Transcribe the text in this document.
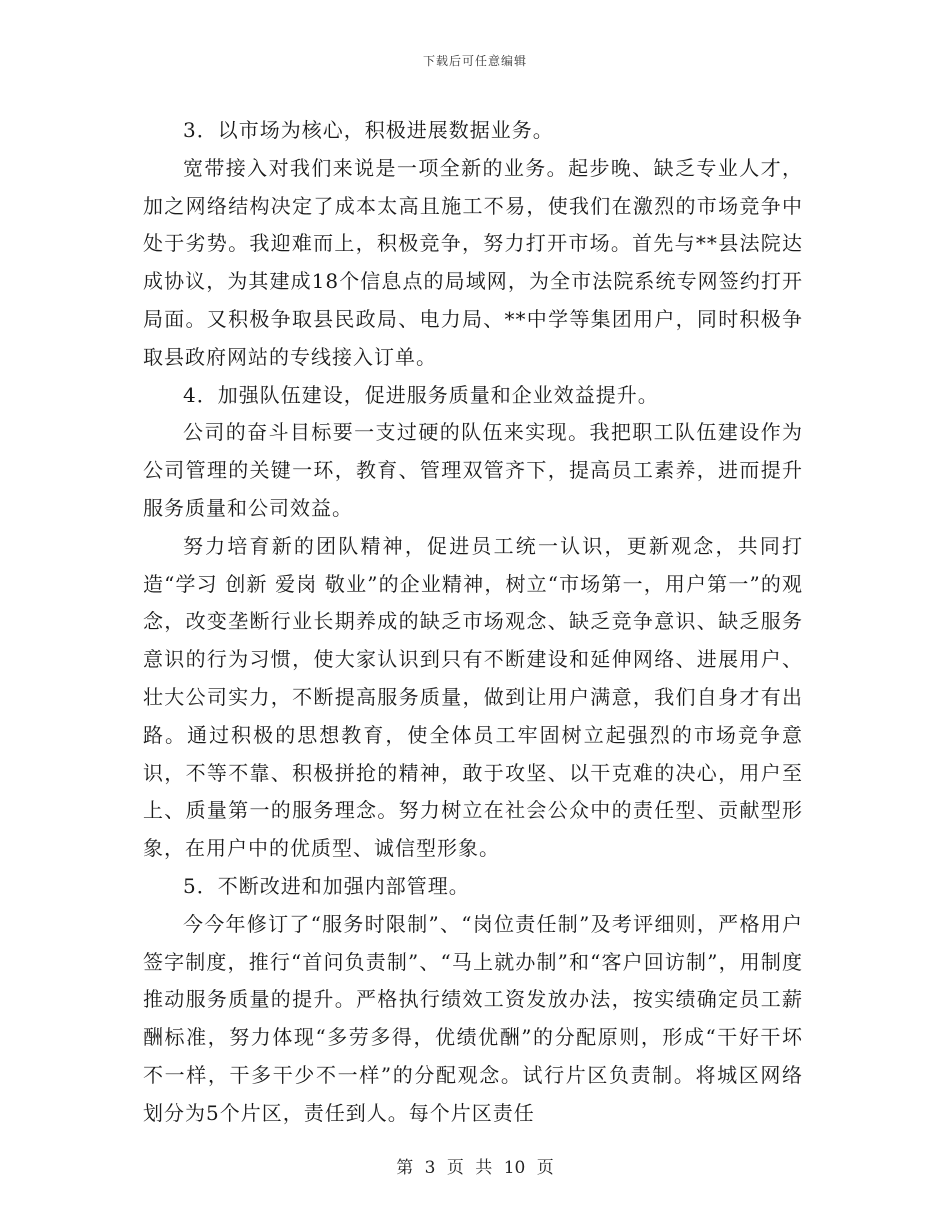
下载后可任意编辑

3．以市场为核心，积极进展数据业务。

宽带接入对我们来说是一项全新的业务。起步晚、缺乏专业人才，加之网络结构决定了成本太高且施工不易，使我们在激烈的市场竞争中处于劣势。我迎难而上，积极竞争，努力打开市场。首先与**县法院达成协议，为其建成18个信息点的局域网，为全市法院系统专网签约打开局面。又积极争取县民政局、电力局、**中学等集团用户，同时积极争取县政府网站的专线接入订单。

4．加强队伍建设，促进服务质量和企业效益提升。

公司的奋斗目标要一支过硬的队伍来实现。我把职工队伍建设作为公司管理的关键一环，教育、管理双管齐下，提高员工素养，进而提升服务质量和公司效益。

努力培育新的团队精神，促进员工统一认识，更新观念，共同打造“学习 创新 爱岗 敬业”的企业精神，树立“市场第一，用户第一”的观念，改变垄断行业长期养成的缺乏市场观念、缺乏竞争意识、缺乏服务意识的行为习惯，使大家认识到只有不断建设和延伸网络、进展用户、壮大公司实力，不断提高服务质量，做到让用户满意，我们自身才有出路。通过积极的思想教育，使全体员工牢固树立起强烈的市场竞争意识，不等不靠、积极拼抢的精神，敢于攻坚、以干克难的决心，用户至上、质量第一的服务理念。努力树立在社会公众中的责任型、贡献型形象，在用户中的优质型、诚信型形象。

5．不断改进和加强内部管理。

今今年修订了“服务时限制”、“岗位责任制”及考评细则，严格用户签字制度，推行“首问负责制”、“马上就办制”和“客户回访制”，用制度推动服务质量的提升。严格执行绩效工资发放办法，按实绩确定员工薪酬标准，努力体现“多劳多得，优绩优酬”的分配原则，形成“干好干坏不一样，干多干少不一样”的分配观念。试行片区负责制。将城区网络划分为5个片区，责任到人。每个片区责任

第 3 页 共 10 页
